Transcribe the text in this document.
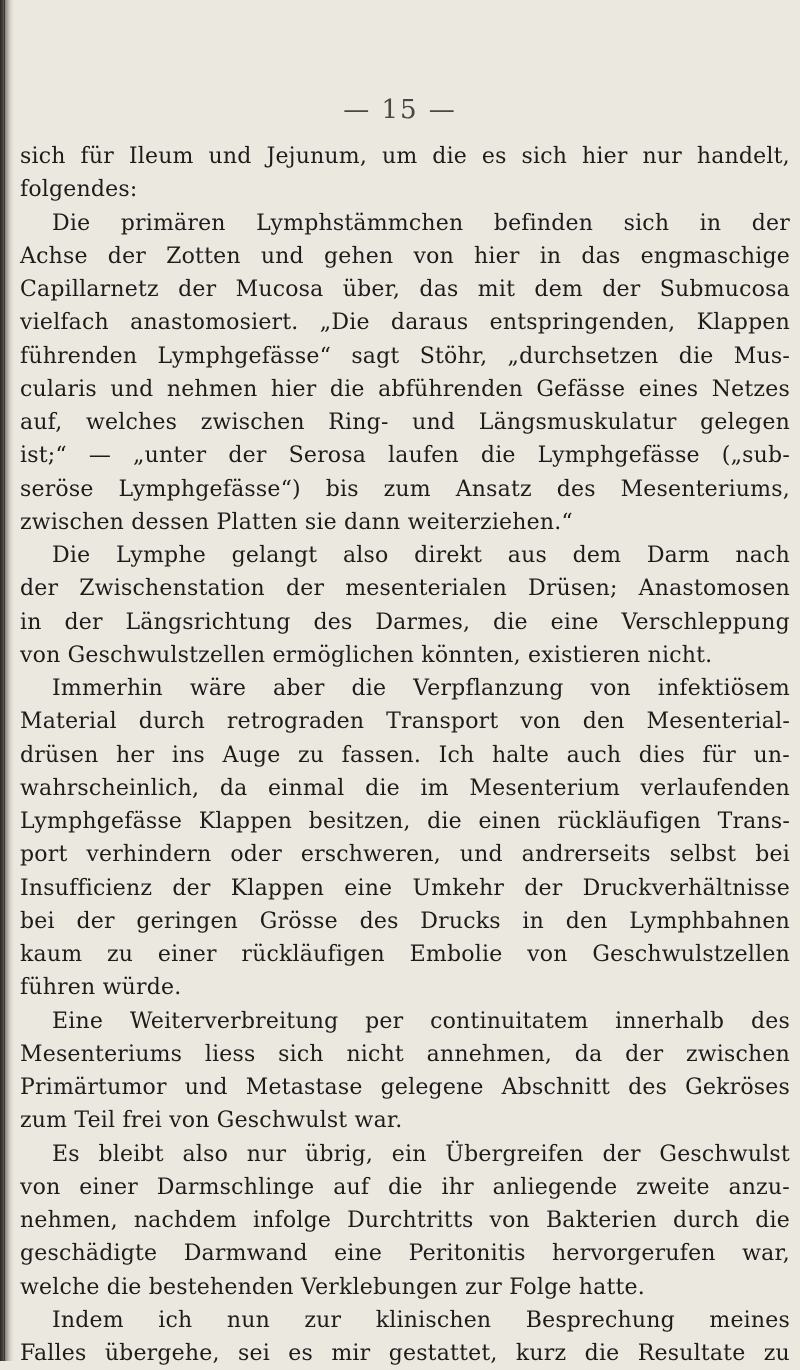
— 15 —
sich für Ileum und Jejunum, um die es sich hier nur handelt,
folgendes:
Die primären Lymphstämmchen befinden sich in der
Achse der Zotten und gehen von hier in das engmaschige
Capillarnetz der Mucosa über, das mit dem der Submucosa
vielfach anastomosiert. „Die daraus entspringenden, Klappen
führenden Lymphgefässe“ sagt Stöhr, „durchsetzen die Mus-
cularis und nehmen hier die abführenden Gefässe eines Netzes
auf, welches zwischen Ring- und Längsmuskulatur gelegen
ist;“ — „unter der Serosa laufen die Lymphgefässe („sub-
seröse Lymphgefässe“) bis zum Ansatz des Mesenteriums,
zwischen dessen Platten sie dann weiterziehen.“
Die Lymphe gelangt also direkt aus dem Darm nach
der Zwischenstation der mesenterialen Drüsen; Anastomosen
in der Längsrichtung des Darmes, die eine Verschleppung
von Geschwulstzellen ermöglichen könnten, existieren nicht.
Immerhin wäre aber die Verpflanzung von infektiösem
Material durch retrograden Transport von den Mesenterial-
drüsen her ins Auge zu fassen. Ich halte auch dies für un-
wahrscheinlich, da einmal die im Mesenterium verlaufenden
Lymphgefässe Klappen besitzen, die einen rückläufigen Trans-
port verhindern oder erschweren, und andrerseits selbst bei
Insufficienz der Klappen eine Umkehr der Druckverhältnisse
bei der geringen Grösse des Drucks in den Lymphbahnen
kaum zu einer rückläufigen Embolie von Geschwulstzellen
führen würde.
Eine Weiterverbreitung per continuitatem innerhalb des
Mesenteriums liess sich nicht annehmen, da der zwischen
Primärtumor und Metastase gelegene Abschnitt des Gekröses
zum Teil frei von Geschwulst war.
Es bleibt also nur übrig, ein Übergreifen der Geschwulst
von einer Darmschlinge auf die ihr anliegende zweite anzu-
nehmen, nachdem infolge Durchtritts von Bakterien durch die
geschädigte Darmwand eine Peritonitis hervorgerufen war,
welche die bestehenden Verklebungen zur Folge hatte.
Indem ich nun zur klinischen Besprechung meines
Falles übergehe, sei es mir gestattet, kurz die Resultate zu
